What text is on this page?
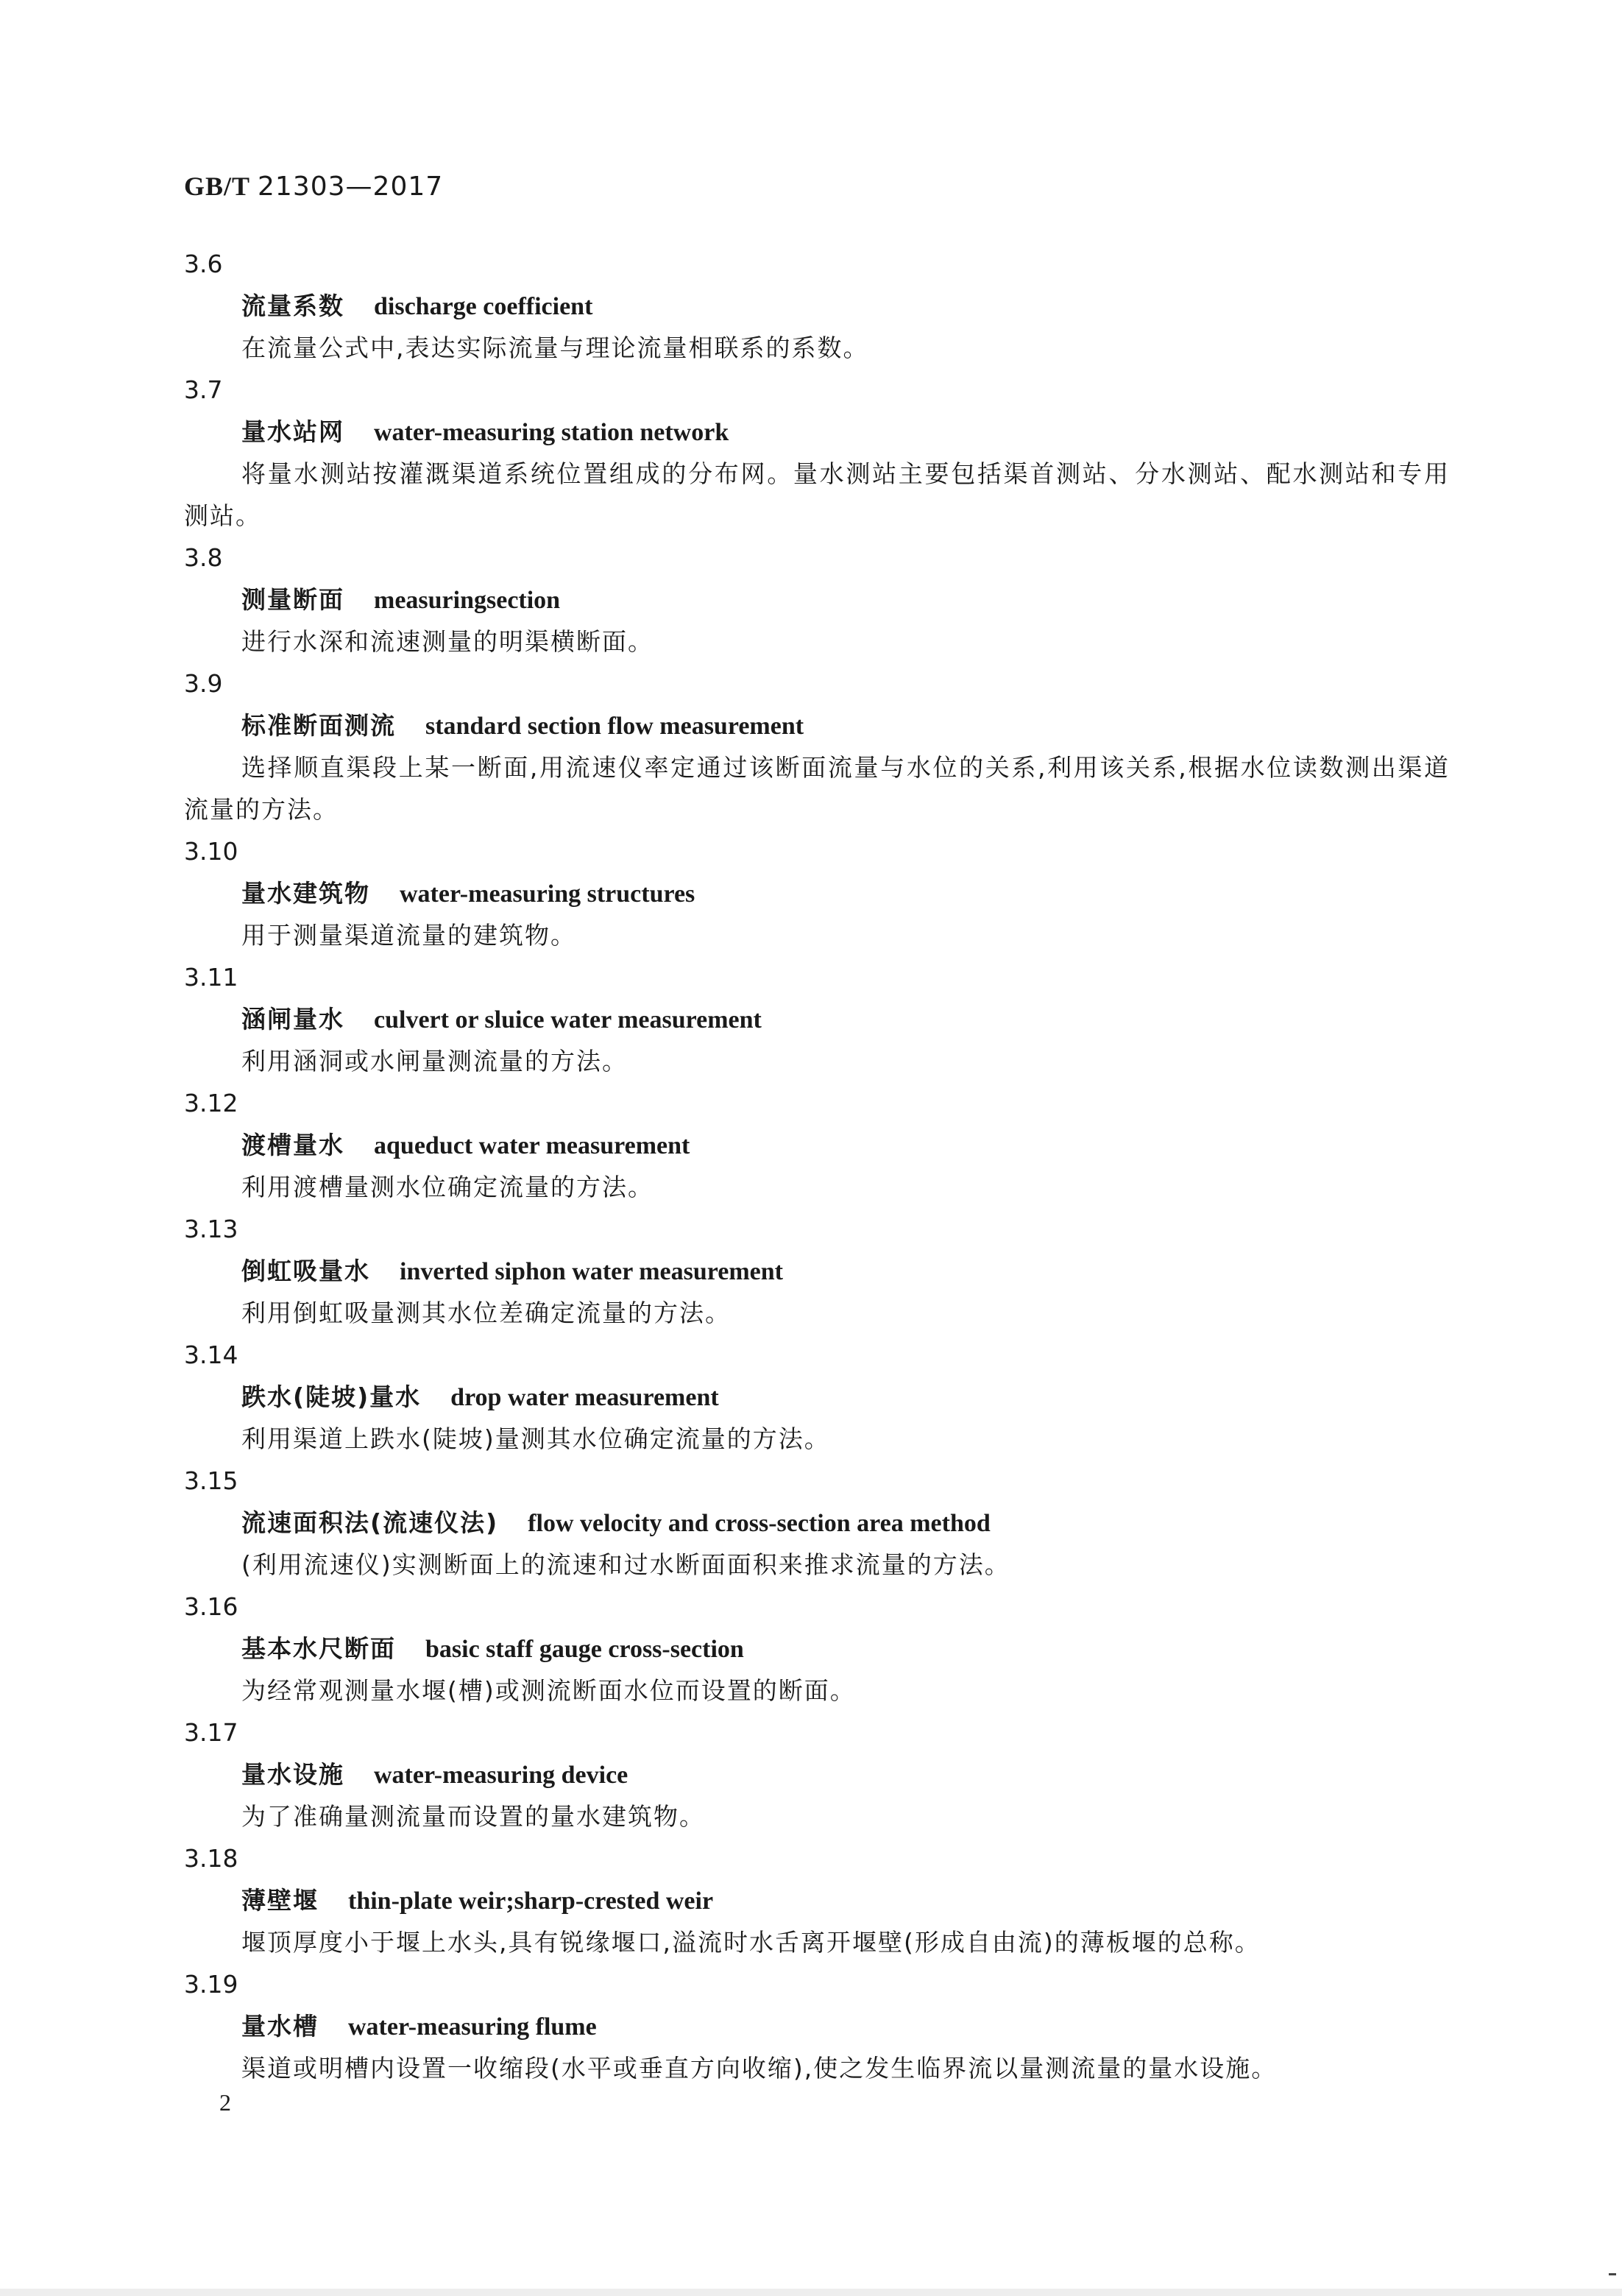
GB/T 21303—2017
3.6
流量系数 discharge coefficient

在流量公式中,表达实际流量与理论流量相联系的系数。

3.7
量水站网 water-measuring station network

将量水测站按灌溉渠道系统位置组成的分布网。量水测站主要包括渠首测站、分水测站、配水测站和专用测站。

3.8
测量断面 measuringsection

进行水深和流速测量的明渠横断面。

3.9
标准断面测流 standard section flow measurement

选择顺直渠段上某一断面,用流速仪率定通过该断面流量与水位的关系,利用该关系,根据水位读数测出渠道流量的方法。

3.10
量水建筑物 water-measuring structures

用于测量渠道流量的建筑物。

3.11
涵闸量水 culvert or sluice water measurement

利用涵洞或水闸量测流量的方法。

3.12
渡槽量水 aqueduct water measurement

利用渡槽量测水位确定流量的方法。

3.13
倒虹吸量水 inverted siphon water measurement

利用倒虹吸量测其水位差确定流量的方法。

3.14
跌水(陡坡)量水 drop water measurement

利用渠道上跌水(陡坡)量测其水位确定流量的方法。

3.15
流速面积法(流速仪法) flow velocity and cross-section area method

(利用流速仪)实测断面上的流速和过水断面面积来推求流量的方法。

3.16
基本水尺断面 basic staff gauge cross-section

为经常观测量水堰(槽)或测流断面水位而设置的断面。

3.17
量水设施 water-measuring device

为了准确量测流量而设置的量水建筑物。

3.18
薄壁堰 thin-plate weir;sharp-crested weir

堰顶厚度小于堰上水头,具有锐缘堰口,溢流时水舌离开堰壁(形成自由流)的薄板堰的总称。

3.19
量水槽 water-measuring flume

渠道或明槽内设置一收缩段(水平或垂直方向收缩),使之发生临界流以量测流量的量水设施。

2
